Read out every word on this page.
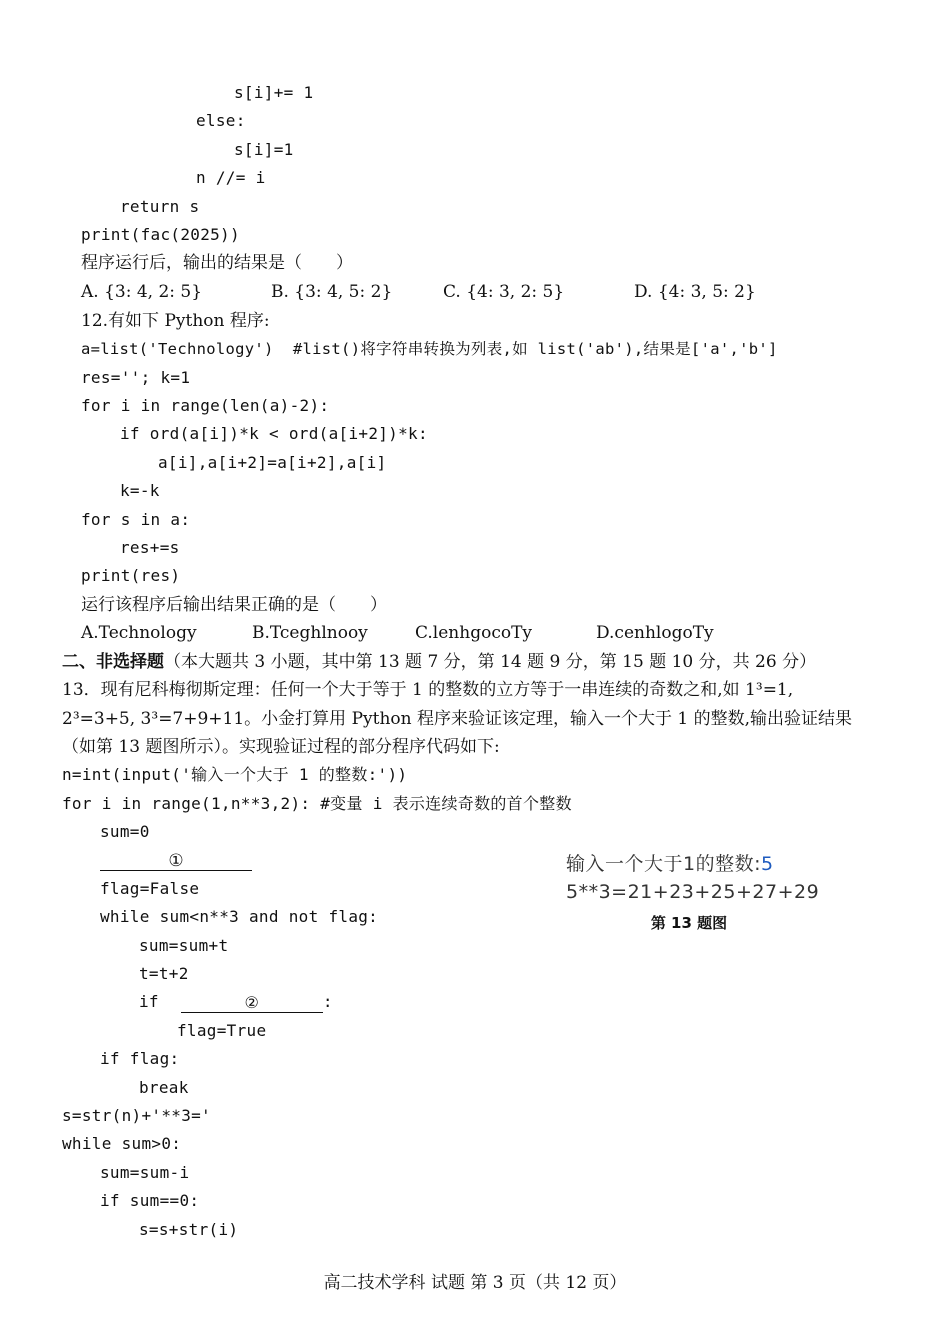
s[i]+= 1
else:
s[i]=1
n //= i
return s
print(fac(2025))
程序运行后，输出的结果是（　　）
A. {3: 4, 2: 5}	B. {3: 4, 5: 2}	C. {4: 3, 2: 5}	D. {4: 3, 5: 2}
12.有如下 Python 程序:
a=list('Technology')  #list()将字符串转换为列表,如 list('ab'),结果是['a','b']
res=''; k=1
for i in range(len(a)-2):
if ord(a[i])*k < ord(a[i+2])*k:
a[i],a[i+2]=a[i+2],a[i]
k=-k
for s in a:
res+=s
print(res)
运行该程序后输出结果正确的是（　　）
A.Technology	B.Tceghlnooy	C.lenhgocoTy	D.cenhlogoTy
二、非选择题（本大题共 3 小题，其中第 13 题 7 分，第 14 题 9 分，第 15 题 10 分，共 26 分）
13．现有尼科梅彻斯定理：任何一个大于等于 1 的整数的立方等于一串连续的奇数之和,如 1³=1,
2³=3+5, 3³=7+9+11。小金打算用 Python 程序来验证该定理，输入一个大于 1 的整数,输出验证结果
（如第 13 题图所示）。实现验证过程的部分程序代码如下:
n=int(input('输入一个大于 1 的整数:'))
for i in range(1,n**3,2): #变量 i 表示连续奇数的首个整数
sum=0
①
flag=False
while sum<n**3 and not flag:
sum=sum+t
t=t+2
if	②	:
flag=True
if flag:
break
s=str(n)+'**3='
while sum>0:
sum=sum-i
if sum==0:
s=s+str(i)
输入一个大于1的整数:5
5**3=21+23+25+27+29
第 13 题图
高二技术学科 试题 第 3 页（共 12 页）
